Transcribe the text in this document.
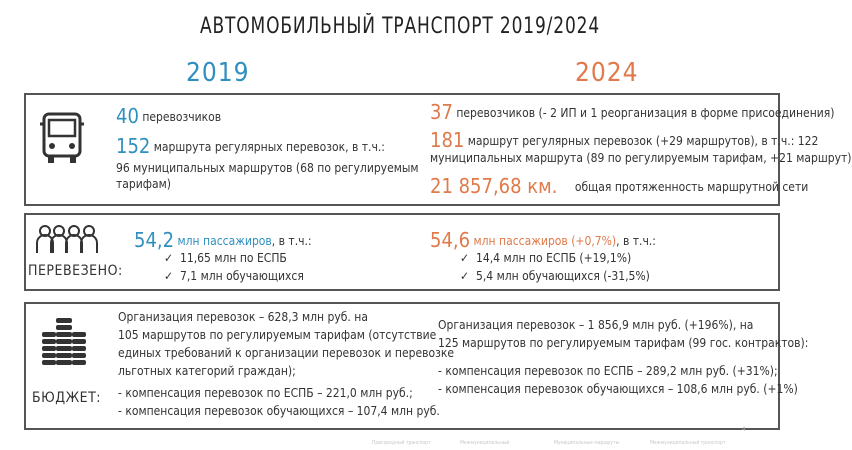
АВТОМОБИЛЬНЫЙ ТРАНСПОРТ 2019/2024
2019	2024
40 перевозчиков
152 маршрута регулярных перевозок, в т.ч.:
96 муниципальных маршрутов (68 по регулируемым
тарифам)
37 перевозчиков (- 2 ИП и 1 реорганизация в форме присоединения)
181 маршрут регулярных перевозок (+29 маршрутов), в т.ч.: 122
муниципальных маршрута (89 по регулируемым тарифам, +21 маршрут)
21 857,68 км. общая протяженность маршрутной сети
ПЕРЕВЕЗЕНО:
54,2 млн пассажиров, в т.ч.:
✓ 11,65 млн по ЕСПБ
✓ 7,1 млн обучающихся
54,6 млн пассажиров (+0,7%), в т.ч.:
✓ 14,4 млн по ЕСПБ (+19,1%)
✓ 5,4 млн обучающихся (-31,5%)
БЮДЖЕТ:
Организация перевозок – 628,3 млн руб. на
105 маршрутов по регулируемым тарифам (отсутствие
единых требований к организации перевозок и перевозке
льготных категорий граждан);
- компенсация перевозок по ЕСПБ – 221,0 млн руб.;
- компенсация перевозок обучающихся – 107,4 млн руб.
Организация перевозок – 1 856,9 млн руб. (+196%), на
125 маршрутов по регулируемым тарифам (99 гос. контрактов):
- компенсация перевозок по ЕСПБ – 289,2 млн руб. (+31%);
- компенсация перевозок обучающихся – 108,6 млн руб. (+1%)
4
Пригородный транспорт	Межмуниципальный	Муниципальные маршруты	Межмуниципальный транспорт
